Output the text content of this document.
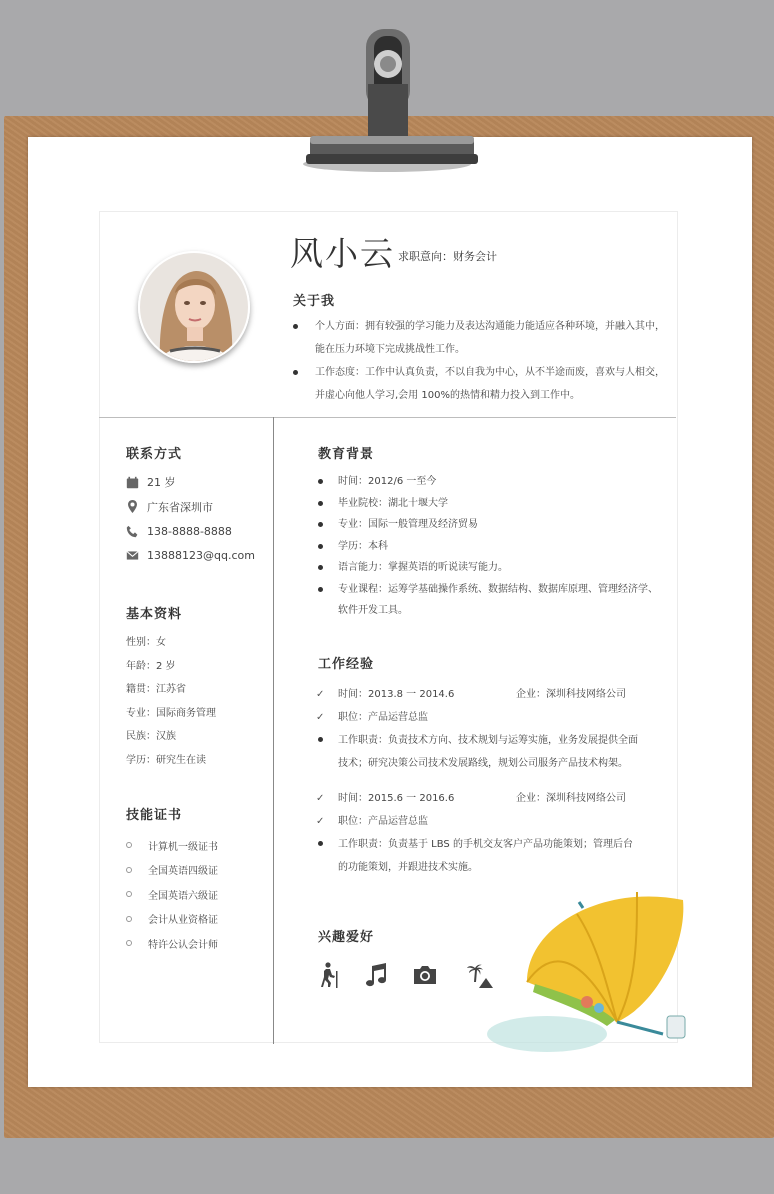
风小云 求职意向：财务会计
关于我

个人方面：拥有较强的学习能力及表达沟通能力能适应各种环境，并融入其中，能在压力环境下完成挑战性工作。

工作态度：工作中认真负责，不以自我为中心，从不半途而废，喜欢与人相交，并虚心向他人学习,会用 100%的热情和精力投入到工作中。

联系方式
21 岁
广东省深圳市
138-8888-8888
13888123@qq.com
基本资料
性别：女
年龄：2 岁
籍贯：江苏省
专业：国际商务管理
民族：汉族
学历：研究生在读
技能证书
计算机一级证书
全国英语四级证
全国英语六级证
会计从业资格证
特许公认会计师
教育背景
时间：2012/6 一至今
毕业院校：湖北十堰大学
专业：国际一般管理及经济贸易
学历：本科
语言能力：掌握英语的听说读写能力。
专业课程：运筹学基础操作系统、数据结构、数据库原理、管理经济学、软件开发工具。
工作经验
✓ 时间：2013.8 一 2014.6	企业：深圳科技网络公司
✓ 职位：产品运营总监
工作职责：负责技术方向、技术规划与运筹实施，业务发展提供全面技术；研究决策公司技术发展路线，规划公司服务产品技术构架。
✓ 时间：2015.6 一 2016.6	企业：深圳科技网络公司
✓ 职位：产品运营总监
工作职责：负责基于 LBS 的手机交友客户产品功能策划；管理后台的功能策划，并跟进技术实施。
兴趣爱好
